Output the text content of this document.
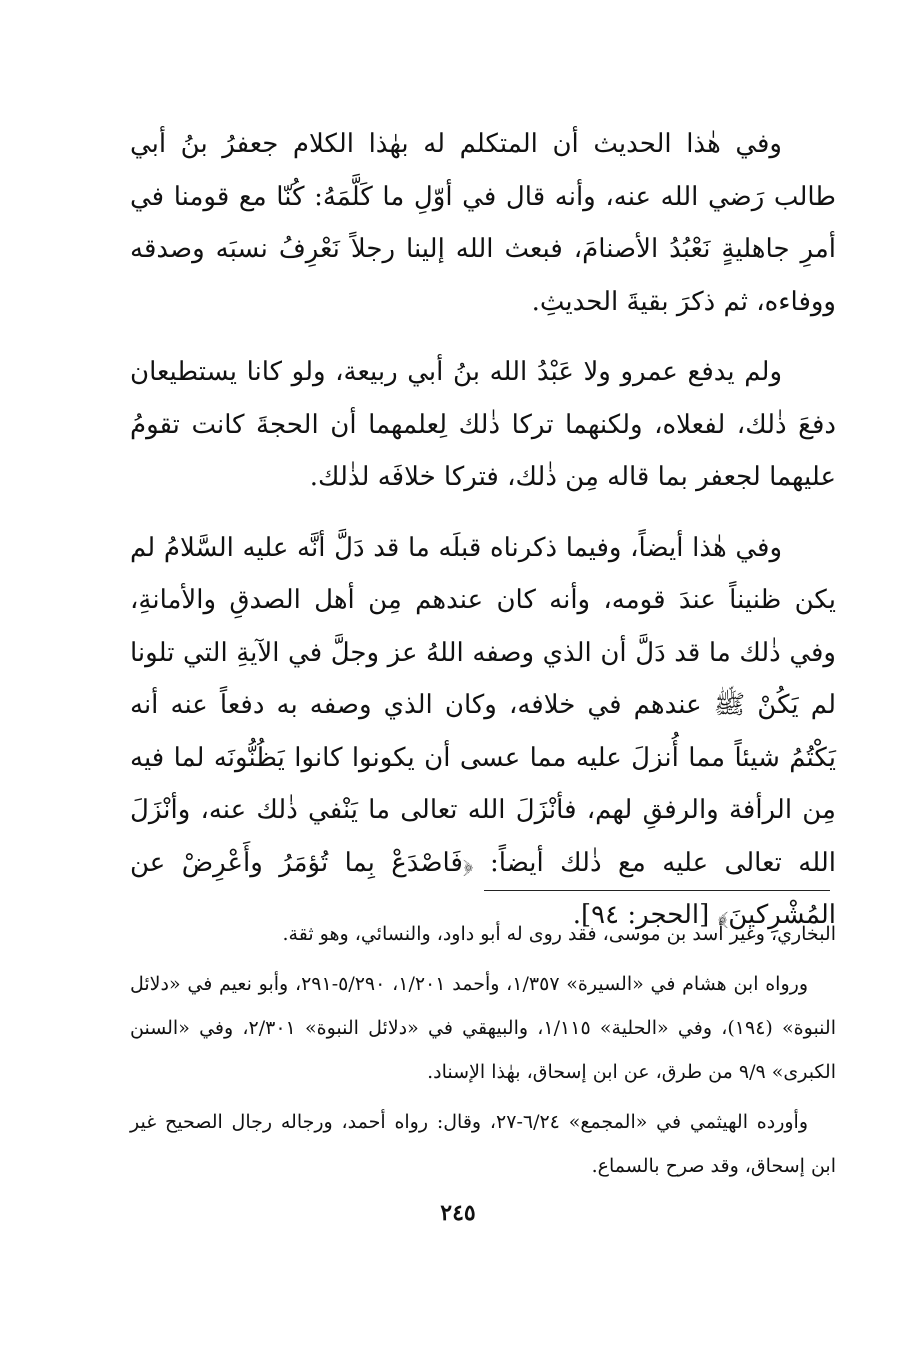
وفي هٰذا الحديث أن المتكلم له بهٰذا الكلام جعفرُ بنُ أبي طالب رَضي الله عنه، وأنه قال في أوّلِ ما كَلَّمَهُ: كُنّا مع قومنا في أمرِ جاهليةٍ نَعْبُدُ الأصنامَ، فبعث الله إلينا رجلاً نَعْرِفُ نسبَه وصدقه ووفاءه، ثم ذكرَ بقيةَ الحديثِ.

ولم يدفع عمرو ولا عَبْدُ الله بنُ أبي ربيعة، ولو كانا يستطيعان دفعَ ذٰلك، لفعلاه، ولكنهما تركا ذٰلك لِعلمهما أن الحجةَ كانت تقومُ عليهما لجعفر بما قاله مِن ذٰلك، فتركا خلافَه لذٰلك.

وفي هٰذا أيضاً، وفيما ذكرناه قبلَه ما قد دَلَّ أنَّه عليه السَّلامُ لم يكن ظنيناً عندَ قومه، وأنه كان عندهم مِن أهل الصدقِ والأمانةِ، وفي ذٰلك ما قد دَلَّ أن الذي وصفه اللهُ عز وجلَّ في الآيةِ التي تلونا لم يَكُنْ ﷺ عندهم في خلافه، وكان الذي وصفه به دفعاً عنه أنه يَكْتُمُ شيئاً مما أُنزلَ عليه مما عسى أن يكونوا كانوا يَظُنُّونَه لما فيه مِن الرأفة والرفقِ لهم، فأنْزَلَ الله تعالى ما يَنْفي ذٰلك عنه، وأنْزَلَ الله تعالى عليه مع ذٰلك أيضاً: ﴿فَاصْدَعْ بِما تُؤمَرُ وأَعْرِضْ عن المُشْرِكينَ﴾ [الحجر: ٩٤].

البخاري، وغير أسد بن موسى، فقد روى له أبو داود، والنسائي، وهو ثقة.

ورواه ابن هشام في «السيرة» ١/٣٥٧، وأحمد ١/٢٠١، ٥/٢٩٠-٢٩١، وأبو نعيم في «دلائل النبوة» (١٩٤)، وفي «الحلية» ١/١١٥، والبيهقي في «دلائل النبوة» ٢/٣٠١، وفي «السنن الكبرى» ٩/٩ من طرق، عن ابن إسحاق، بهٰذا الإسناد.

وأورده الهيثمي في «المجمع» ٦/٢٤-٢٧، وقال: رواه أحمد، ورجاله رجال الصحيح غير ابن إسحاق، وقد صرح بالسماع.

٢٤٥
